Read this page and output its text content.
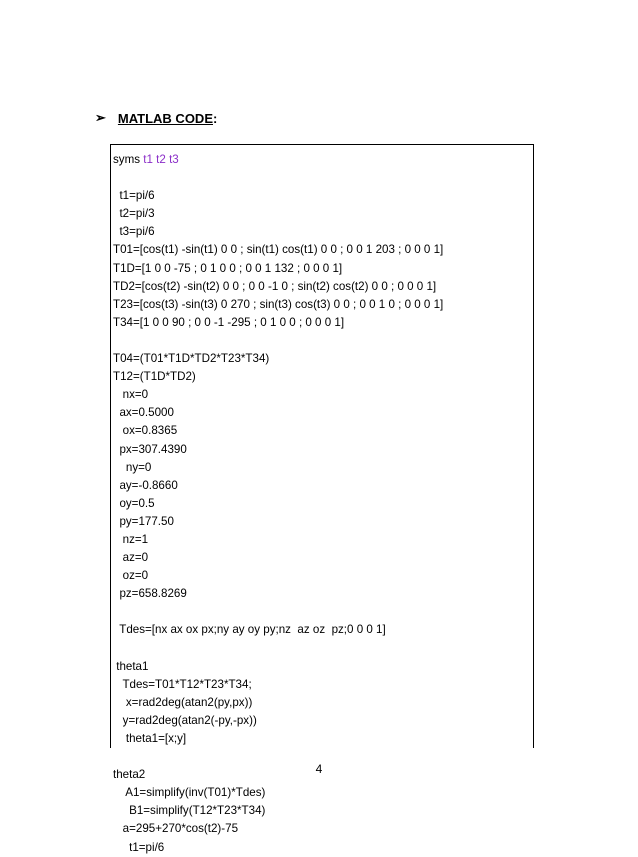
➢ MATLAB CODE :
syms t1 t2 t3
t1=pi/6
t2=pi/3
t3=pi/6
T01=[cos(t1) -sin(t1) 0 0 ; sin(t1) cos(t1) 0 0 ; 0 0 1 203 ; 0 0 0 1]
T1D=[1 0 0 -75 ; 0 1 0 0 ; 0 0 1 132 ; 0 0 0 1]
TD2=[cos(t2) -sin(t2) 0 0 ; 0 0 -1 0 ; sin(t2) cos(t2) 0 0 ; 0 0 0 1]
T23=[cos(t3) -sin(t3) 0 270 ; sin(t3) cos(t3) 0 0 ; 0 0 1 0 ; 0 0 0 1]
T34=[1 0 0 90 ; 0 0 -1 -295 ; 0 1 0 0 ; 0 0 0 1]
T04=(T01*T1D*TD2*T23*T34)
T12=(T1D*TD2)
nx=0
ax=0.5000
ox=0.8365
px=307.4390
ny=0
ay=-0.8660
oy=0.5
py=177.50
nz=1
az=0
oz=0
pz=658.8269
Tdes=[nx ax ox px;ny ay oy py;nz  az oz  pz;0 0 0 1]
theta1
Tdes=T01*T12*T23*T34;
x=rad2deg(atan2(py,px))
y=rad2deg(atan2(-py,-px))
theta1=[x;y]
theta2
A1=simplify(inv(T01)*Tdes)
B1=simplify(T12*T23*T34)
a=295+270*cos(t2)-75
t1=pi/6
4
